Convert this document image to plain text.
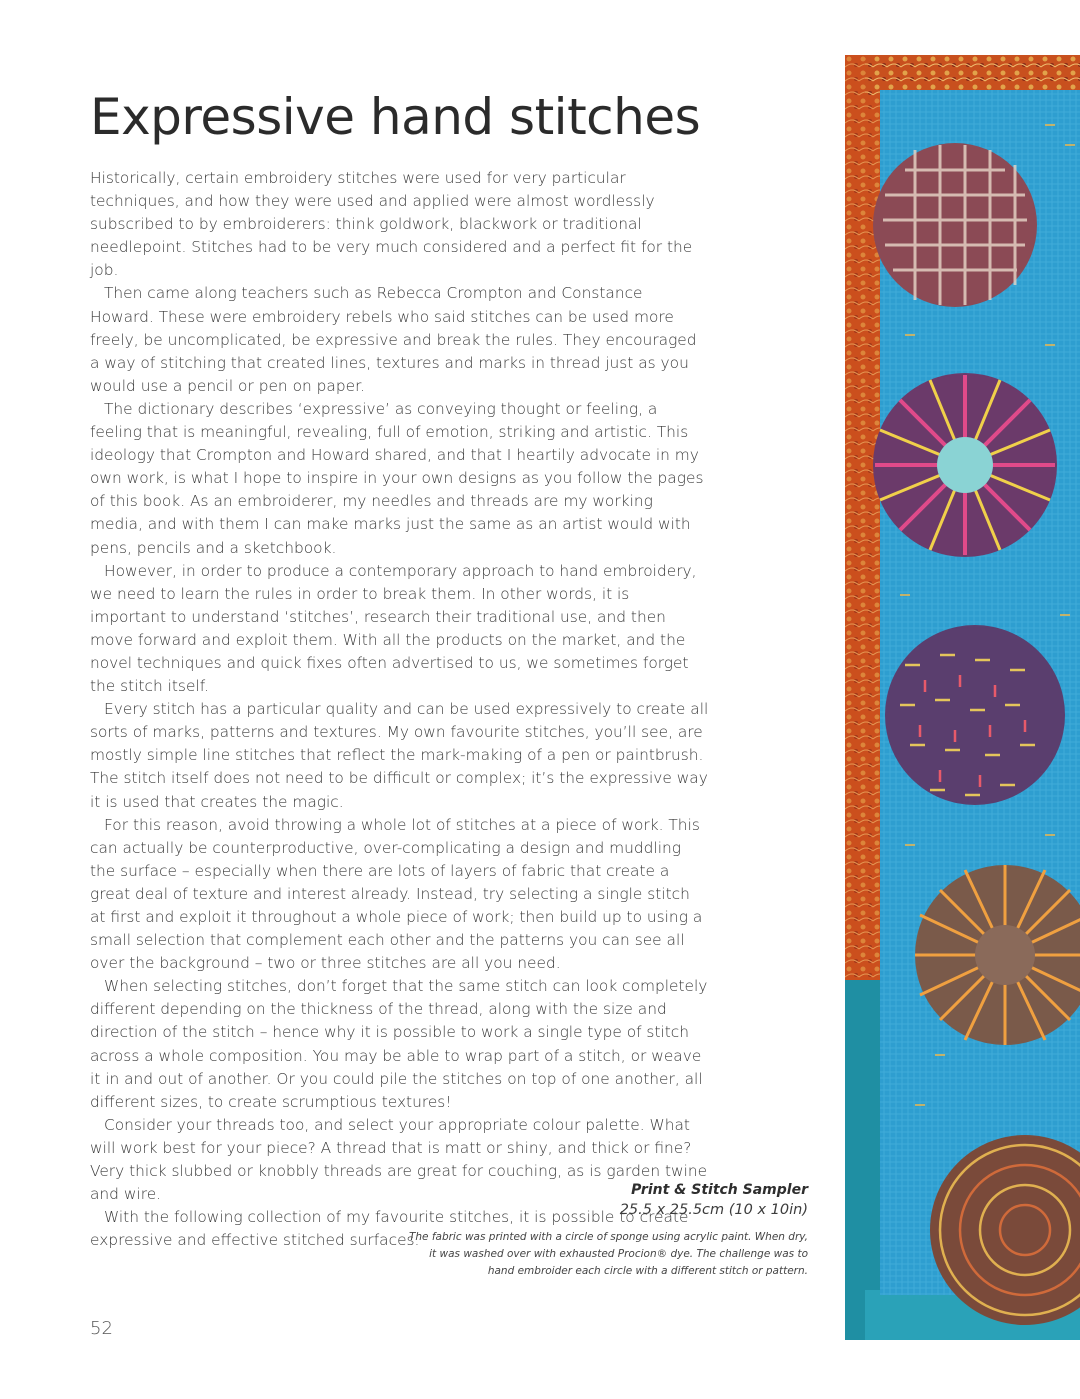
Expressive hand stitches

Historically, certain embroidery stitches were used for very particular techniques, and how they were used and applied were almost wordlessly subscribed to by embroiderers: think goldwork, blackwork or traditional needlepoint. Stitches had to be very much considered and a perfect fit for the job.

Then came along teachers such as Rebecca Crompton and Constance Howard. These were embroidery rebels who said stitches can be used more freely, be uncomplicated, be expressive and break the rules. They encouraged a way of stitching that created lines, textures and marks in thread just as you would use a pencil or pen on paper.

The dictionary describes ‘expressive’ as conveying thought or feeling, a feeling that is meaningful, revealing, full of emotion, striking and artistic. This ideology that Crompton and Howard shared, and that I heartily advocate in my own work, is what I hope to inspire in your own designs as you follow the pages of this book. As an embroiderer, my needles and threads are my working media, and with them I can make marks just the same as an artist would with pens, pencils and a sketchbook.

However, in order to produce a contemporary approach to hand embroidery, we need to learn the rules in order to break them. In other words, it is important to understand ‘stitches’, research their traditional use, and then move forward and exploit them. With all the products on the market, and the novel techniques and quick fixes often advertised to us, we sometimes forget the stitch itself.

Every stitch has a particular quality and can be used expressively to create all sorts of marks, patterns and textures. My own favourite stitches, you’ll see, are mostly simple line stitches that reflect the mark-making of a pen or paintbrush. The stitch itself does not need to be difficult or complex; it’s the expressive way it is used that creates the magic.

For this reason, avoid throwing a whole lot of stitches at a piece of work. This can actually be counterproductive, over-complicating a design and muddling the surface – especially when there are lots of layers of fabric that create a great deal of texture and interest already. Instead, try selecting a single stitch at first and exploit it throughout a whole piece of work; then build up to using a small selection that complement each other and the patterns you can see all over the background – two or three stitches are all you need.

When selecting stitches, don’t forget that the same stitch can look completely different depending on the thickness of the thread, along with the size and direction of the stitch – hence why it is possible to work a single type of stitch across a whole composition. You may be able to wrap part of a stitch, or weave it in and out of another. Or you could pile the stitches on top of one another, all different sizes, to create scrumptious textures!

Consider your threads too, and select your appropriate colour palette. What will work best for your piece? A thread that is matt or shiny, and thick or fine? Very thick slubbed or knobbly threads are great for couching, as is garden twine and wire.

With the following collection of my favourite stitches, it is possible to create expressive and effective stitched surfaces.

Print & Stitch Sampler
25.5 x 25.5cm (10 x 10in)
The fabric was printed with a circle of sponge using acrylic paint. When dry,
it was washed over with exhausted Procion® dye. The challenge was to
hand embroider each circle with a different stitch or pattern.
52
